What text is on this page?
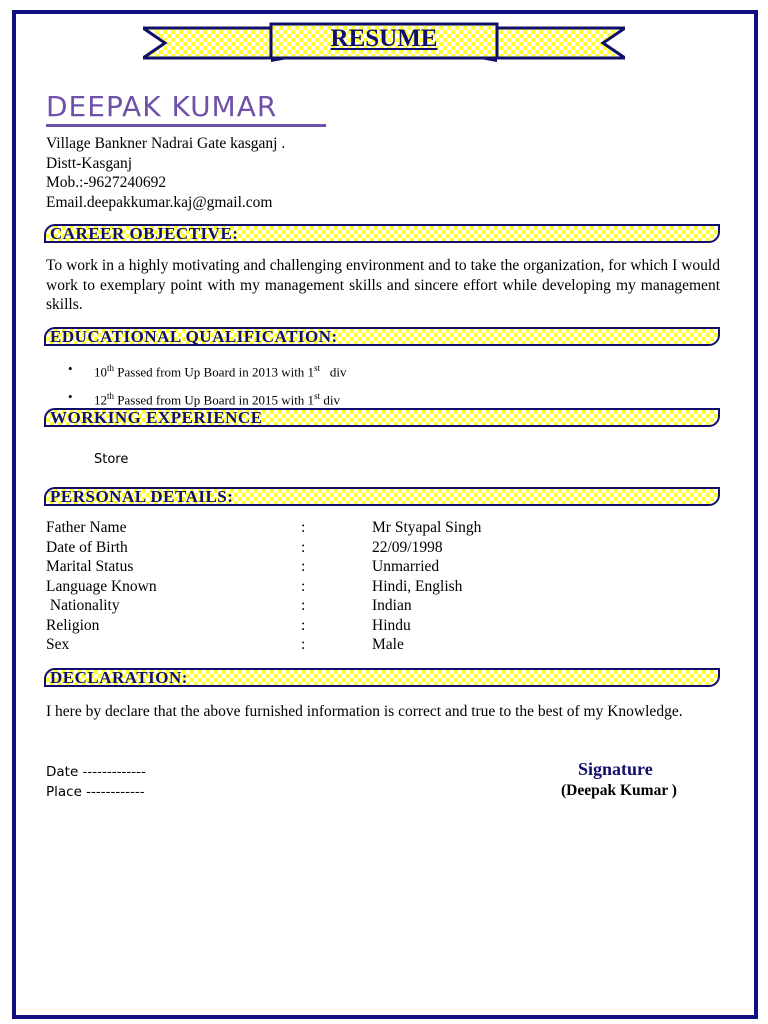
RESUME
DEEPAK KUMAR
Village Bankner Nadrai Gate kasganj .
Distt-Kasganj
Mob.:-9627240692
Email.deepakkumar.kaj@gmail.com
CAREER OBJECTIVE:
To work in a highly motivating and challenging environment and to take the organization, for which I would work to exemplary point with my management skills and sincere effort while developing my management skills.
EDUCATIONAL QUALIFICATION:
• 10th Passed from Up Board in 2013 with 1st   div
• 12th Passed from Up Board in 2015 with 1st div
WORKING EXPERIENCE
Store
PERSONAL DETAILS:
Father Name	:	Mr Styapal Singh
Date of Birth	:	22/09/1998
Marital Status	:	Unmarried
Language Known	:	Hindi, English
Nationality	:	Indian
Religion	:	Hindu
Sex	:	Male
DECLARATION:
I here by declare that the above furnished information is correct and true to the best of my Knowledge.
Date -------------
Place ------------
Signature
(Deepak Kumar )
